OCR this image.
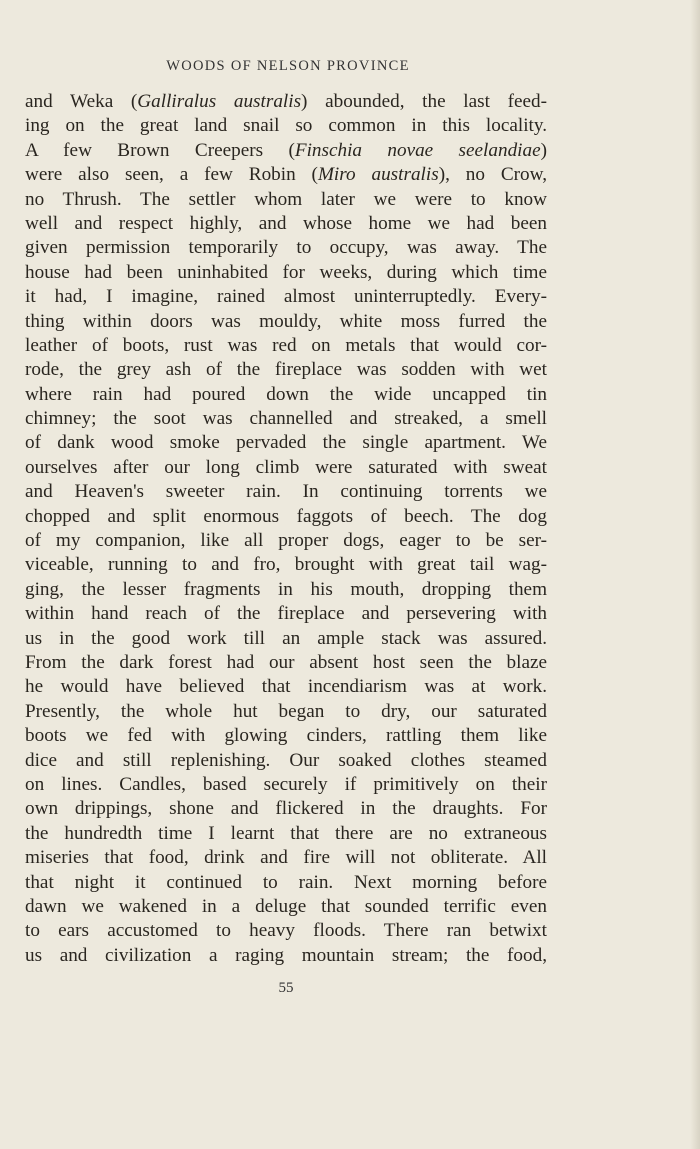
WOODS OF NELSON PROVINCE
and Weka (Galliralus australis) abounded, the last feed-
ing on the great land snail so common in this locality.
A few Brown Creepers (Finschia novae seelandiae)
were also seen, a few Robin (Miro australis), no Crow,
no Thrush. The settler whom later we were to know
well and respect highly, and whose home we had been
given permission temporarily to occupy, was away. The
house had been uninhabited for weeks, during which time
it had, I imagine, rained almost uninterruptedly. Every-
thing within doors was mouldy, white moss furred the
leather of boots, rust was red on metals that would cor-
rode, the grey ash of the fireplace was sodden with wet
where rain had poured down the wide uncapped tin
chimney; the soot was channelled and streaked, a smell
of dank wood smoke pervaded the single apartment. We
ourselves after our long climb were saturated with sweat
and Heaven's sweeter rain. In continuing torrents we
chopped and split enormous faggots of beech. The dog
of my companion, like all proper dogs, eager to be ser-
viceable, running to and fro, brought with great tail wag-
ging, the lesser fragments in his mouth, dropping them
within hand reach of the fireplace and persevering with
us in the good work till an ample stack was assured.
From the dark forest had our absent host seen the blaze
he would have believed that incendiarism was at work.
Presently, the whole hut began to dry, our saturated
boots we fed with glowing cinders, rattling them like
dice and still replenishing. Our soaked clothes steamed
on lines. Candles, based securely if primitively on their
own drippings, shone and flickered in the draughts. For
the hundredth time I learnt that there are no extraneous
miseries that food, drink and fire will not obliterate. All
that night it continued to rain. Next morning before
dawn we wakened in a deluge that sounded terrific even
to ears accustomed to heavy floods. There ran betwixt
us and civilization a raging mountain stream; the food,
55
